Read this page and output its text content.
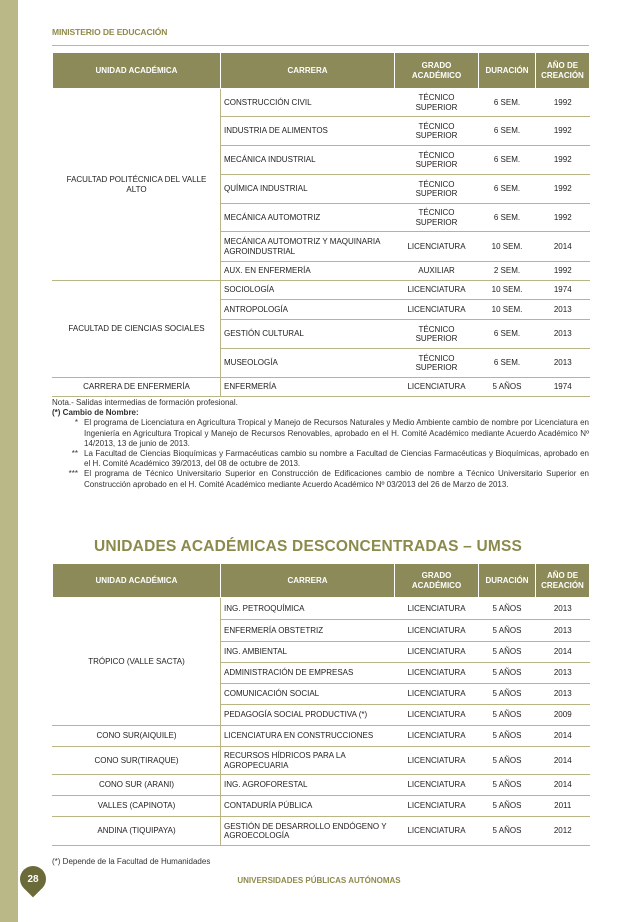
MINISTERIO DE EDUCACIÓN
UNIDAD ACADÉMICA	CARRERA	GRADO ACADÉMICO	DURACIÓN	AÑO DE CREACIÓN
FACULTAD POLITÉCNICA DEL VALLE ALTO	CONSTRUCCIÓN CIVIL	TÉCNICO SUPERIOR	6 SEM.	1992
	INDUSTRIA DE ALIMENTOS	TÉCNICO SUPERIOR	6 SEM.	1992
	MECÁNICA INDUSTRIAL	TÉCNICO SUPERIOR	6 SEM.	1992
	QUÍMICA INDUSTRIAL	TÉCNICO SUPERIOR	6 SEM.	1992
	MECÁNICA AUTOMOTRIZ	TÉCNICO SUPERIOR	6 SEM.	1992
	MECÁNICA AUTOMOTRIZ Y MAQUINARIA AGROINDUSTRIAL	LICENCIATURA	10 SEM.	2014
	AUX. EN ENFERMERÍA	AUXILIAR	2 SEM.	1992
FACULTAD DE CIENCIAS SOCIALES	SOCIOLOGÍA	LICENCIATURA	10 SEM.	1974
	ANTROPOLOGÍA	LICENCIATURA	10 SEM.	2013
	GESTIÓN CULTURAL	TÉCNICO SUPERIOR	6 SEM.	2013
	MUSEOLOGÍA	TÉCNICO SUPERIOR	6 SEM.	2013
CARRERA DE ENFERMERÍA	ENFERMERÍA	LICENCIATURA	5 AÑOS	1974

Nota.- Salidas intermedias de formación profesional.

(*) Cambio de Nombre:

* El programa de Licenciatura en Agricultura Tropical y Manejo de Recursos Naturales y Medio Ambiente cambio de nombre por Licenciatura en Ingeniería en Agricultura Tropical y Manejo de Recursos Renovables, aprobado en el H. Comité Académico mediante Acuerdo Académico Nº 14/2013, 13 de junio de 2013.
** La Facultad de Ciencias Bioquímicas y Farmacéuticas cambio su nombre a Facultad de Ciencias Farmacéuticas y Bioquímicas, aprobado en el H. Comité Académico 39/2013, del 08 de octubre de 2013.
*** El programa de Técnico Universitario Superior en Construcción de Edificaciones cambio de nombre a Técnico Universitario Superior en Construcción aprobado en el H. Comité Académico mediante Acuerdo Académico Nº 03/2013 del 26 de Marzo de 2013.
UNIDADES ACADÉMICAS DESCONCENTRADAS – UMSS
UNIDAD ACADÉMICA	CARRERA	GRADO ACADÉMICO	DURACIÓN	AÑO DE CREACIÓN
TRÓPICO (VALLE SACTA)	ING. PETROQUÍMICA	LICENCIATURA	5 AÑOS	2013
	ENFERMERÍA OBSTETRIZ	LICENCIATURA	5 AÑOS	2013
	ING. AMBIENTAL	LICENCIATURA	5 AÑOS	2014
	ADMINISTRACIÓN DE EMPRESAS	LICENCIATURA	5 AÑOS	2013
	COMUNICACIÓN SOCIAL	LICENCIATURA	5 AÑOS	2013
	PEDAGOGÍA SOCIAL PRODUCTIVA (*)	LICENCIATURA	5 AÑOS	2009
CONO SUR(AIQUILE)	LICENCIATURA EN CONSTRUCCIONES	LICENCIATURA	5 AÑOS	2014
CONO SUR(TIRAQUE)	RECURSOS HÍDRICOS PARA LA AGROPECUARIA	LICENCIATURA	5 AÑOS	2014
CONO SUR (ARANI)	ING. AGROFORESTAL	LICENCIATURA	5 AÑOS	2014
VALLES (CAPINOTA)	CONTADURÍA PÚBLICA	LICENCIATURA	5 AÑOS	2011
ANDINA (TIQUIPAYA)	GESTIÓN DE DESARROLLO ENDÓGENO Y AGROECOLOGÍA	LICENCIATURA	5 AÑOS	2012
(*) Depende de la Facultad de Humanidades
28	UNIVERSIDADES PÚBLICAS AUTÓNOMAS
